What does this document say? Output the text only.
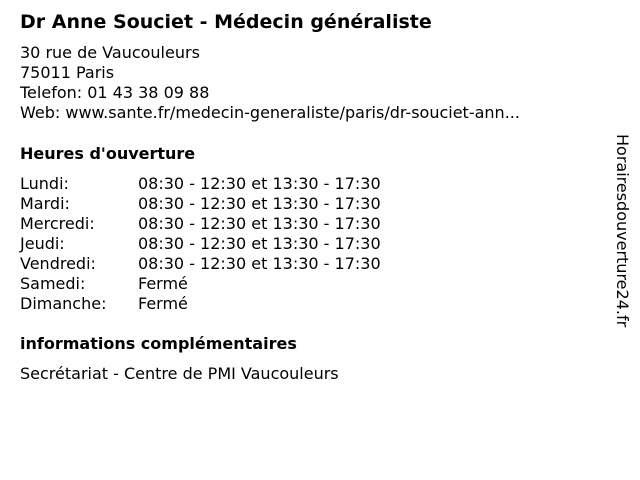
Dr Anne Souciet - Médecin généraliste
30 rue de Vaucouleurs
75011 Paris
Telefon: 01 43 38 09 88
Web: www.sante.fr/medecin-generaliste/paris/dr-souciet-ann...
Heures d'ouverture
Lundi:	08:30 - 12:30 et 13:30 - 17:30
Mardi:	08:30 - 12:30 et 13:30 - 17:30
Mercredi:	08:30 - 12:30 et 13:30 - 17:30
Jeudi:	08:30 - 12:30 et 13:30 - 17:30
Vendredi:	08:30 - 12:30 et 13:30 - 17:30
Samedi:	Fermé
Dimanche: Fermé
informations complémentaires
Secrétariat - Centre de PMI Vaucouleurs
Horairesdouverture24.fr
